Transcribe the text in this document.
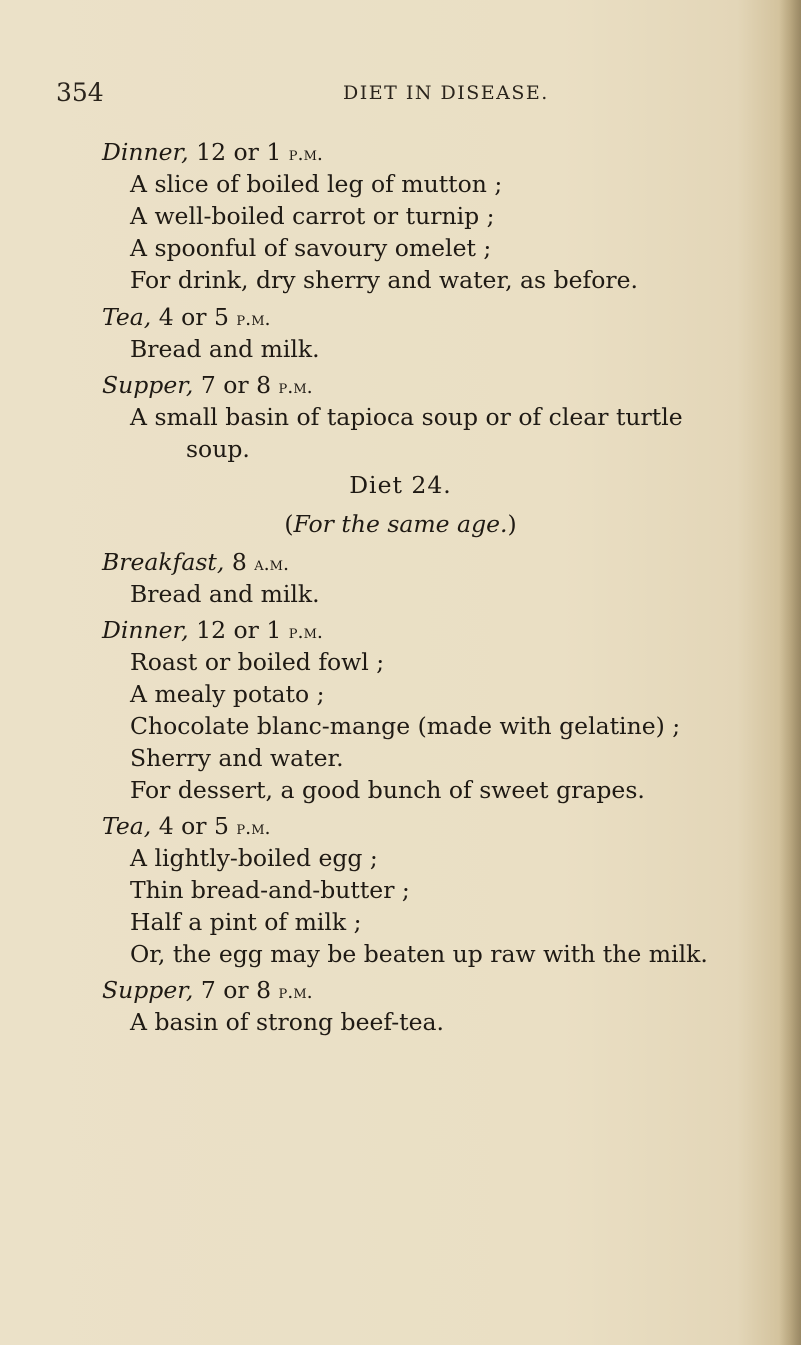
354	DIET IN DISEASE.
Dinner, 12 or 1 p.m.
A slice of boiled leg of mutton ;
A well-boiled carrot or turnip ;
A spoonful of savoury omelet ;
For drink, dry sherry and water, as before.
Tea, 4 or 5 p.m.
Bread and milk.
Supper, 7 or 8 p.m.
A small basin of tapioca soup or of clear turtle
soup.
Diet 24.
(For the same age.)
Breakfast, 8 a.m.
Bread and milk.
Dinner, 12 or 1 p.m.
Roast or boiled fowl ;
A mealy potato ;
Chocolate blanc-mange (made with gelatine) ;
Sherry and water.
For dessert, a good bunch of sweet grapes.
Tea, 4 or 5 p.m.
A lightly-boiled egg ;
Thin bread-and-butter ;
Half a pint of milk ;
Or, the egg may be beaten up raw with the milk.
Supper, 7 or 8 p.m.
A basin of strong beef-tea.
